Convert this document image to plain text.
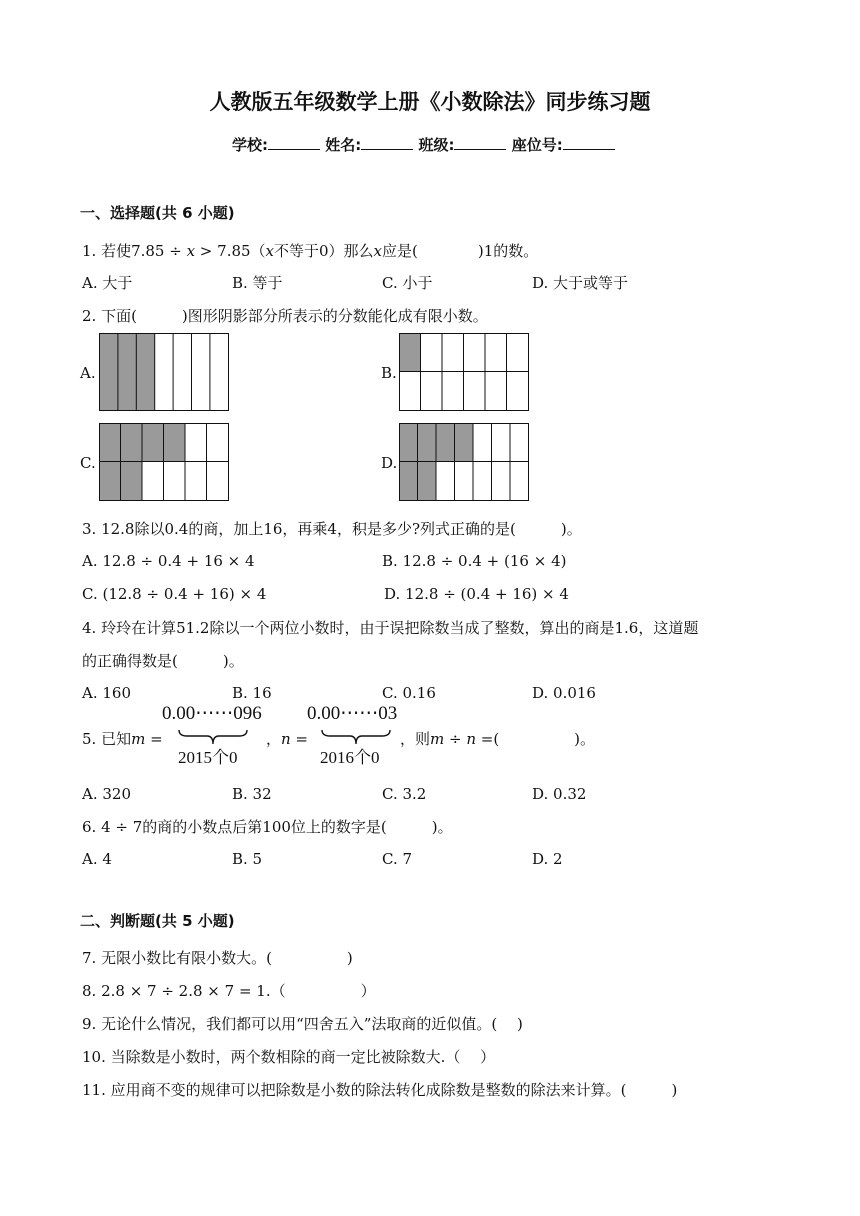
人教版五年级数学上册《小数除法》同步练习题
学校:	姓名:	班级:	座位号:
一、选择题(共 6 小题)
1. 若使7.85 ÷ 𝑥 > 7.85（𝑥不等于0）那么𝑥应是(　　　　)1的数。
A. 大于	B. 等于	C. 小于	D. 大于或等于
2. 下面(　　　)图形阴影部分所表示的分数能化成有限小数。
A.	B.
C.	D.
3. 12.8除以0.4的商，加上16，再乘4，积是多少?列式正确的是(　　　)。
A. 12.8 ÷ 0.4 + 16 × 4	B. 12.8 ÷ 0.4 + (16 × 4)
C. (12.8 ÷ 0.4 + 16) × 4	D. 12.8 ÷ (0.4 + 16) × 4
4. 玲玲在计算51.2除以一个两位小数时，由于误把除数当成了整数，算出的商是1.6，这道题
的正确得数是(　　　)。
A. 160	B. 16	C. 0.16	D. 0.016
5. 已知𝑚 =
0.00⋯⋯096
2015个0
，𝑛 =
0.00⋯⋯03
2016个0
，则𝑚 ÷ 𝑛 =(　　　　　)。
A. 320	B. 32	C. 3.2	D. 0.32
6. 4 ÷ 7的商的小数点后第100位上的数字是(　　　)。
A. 4	B. 5	C. 7	D. 2
二、判断题(共 5 小题)
7. 无限小数比有限小数大。(　　　　　)
8. 2.8 × 7 ÷ 2.8 × 7 = 1.（　　　　　）
9. 无论什么情况，我们都可以用“四舍五入”法取商的近似值。(　 )
10. 当除数是小数时，两个数相除的商一定比被除数大.（　 ）
11. 应用商不变的规律可以把除数是小数的除法转化成除数是整数的除法来计算。(　　　)
